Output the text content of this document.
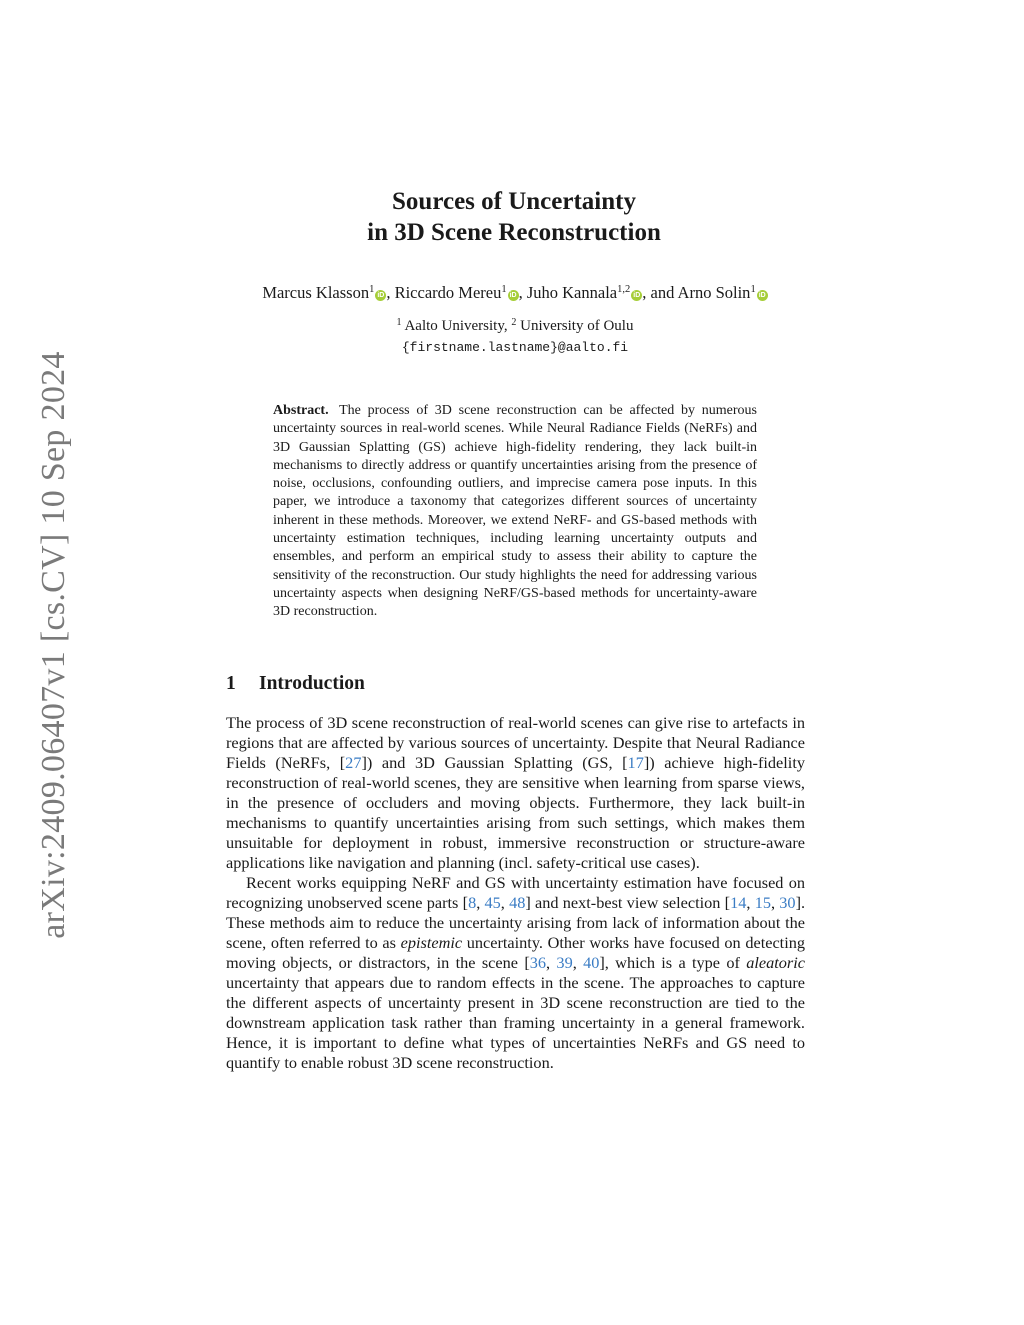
arXiv:2409.06407v1 [cs.CV] 10 Sep 2024
Sources of Uncertainty
in 3D Scene Reconstruction
Marcus Klasson$^1$iD , Riccardo Mereu$^1$iD , Juho Kannala$^{1,2}$iD , and Arno Solin$^1$iD
$^1$ Aalto University, $^2$ University of Oulu
{firstname.lastname}@aalto.fi
Abstract. The process of 3D scene reconstruction can be affected by numerous uncertainty sources in real-world scenes. While Neural Radiance Fields (NeRFs) and 3D Gaussian Splatting (GS) achieve high-fidelity rendering, they lack built-in mechanisms to directly address or quantify uncertainties arising from the presence of noise, occlusions, confounding outliers, and imprecise camera pose inputs. In this paper, we introduce a taxonomy that categorizes different sources of uncertainty inherent in these methods. Moreover, we extend NeRF- and GS-based methods with uncertainty estimation techniques, including learning uncertainty outputs and ensembles, and perform an empirical study to assess their ability to capture the sensitivity of the reconstruction. Our study highlights the need for addressing various uncertainty aspects when designing NeRF/GS-based methods for uncertainty-aware 3D reconstruction.
1 Introduction

The process of 3D scene reconstruction of real-world scenes can give rise to artefacts in regions that are affected by various sources of uncertainty. Despite that Neural Radiance Fields (NeRFs, [27]) and 3D Gaussian Splatting (GS, [17]) achieve high-fidelity reconstruction of real-world scenes, they are sensitive when learning from sparse views, in the presence of occluders and moving objects. Furthermore, they lack built-in mechanisms to quantify uncertainties arising from such settings, which makes them unsuitable for deployment in robust, immersive reconstruction or structure-aware applications like navigation and planning (incl. safety-critical use cases).

Recent works equipping NeRF and GS with uncertainty estimation have focused on recognizing unobserved scene parts [8, 45, 48] and next-best view selection [14, 15, 30]. These methods aim to reduce the uncertainty arising from lack of information about the scene, often referred to as epistemic uncertainty. Other works have focused on detecting moving objects, or distractors, in the scene [36, 39, 40], which is a type of aleatoric uncertainty that appears due to random effects in the scene. The approaches to capture the different aspects of uncertainty present in 3D scene reconstruction are tied to the downstream application task rather than framing uncertainty in a general framework. Hence, it is important to define what types of uncertainties NeRFs and GS need to quantify to enable robust 3D scene reconstruction.
